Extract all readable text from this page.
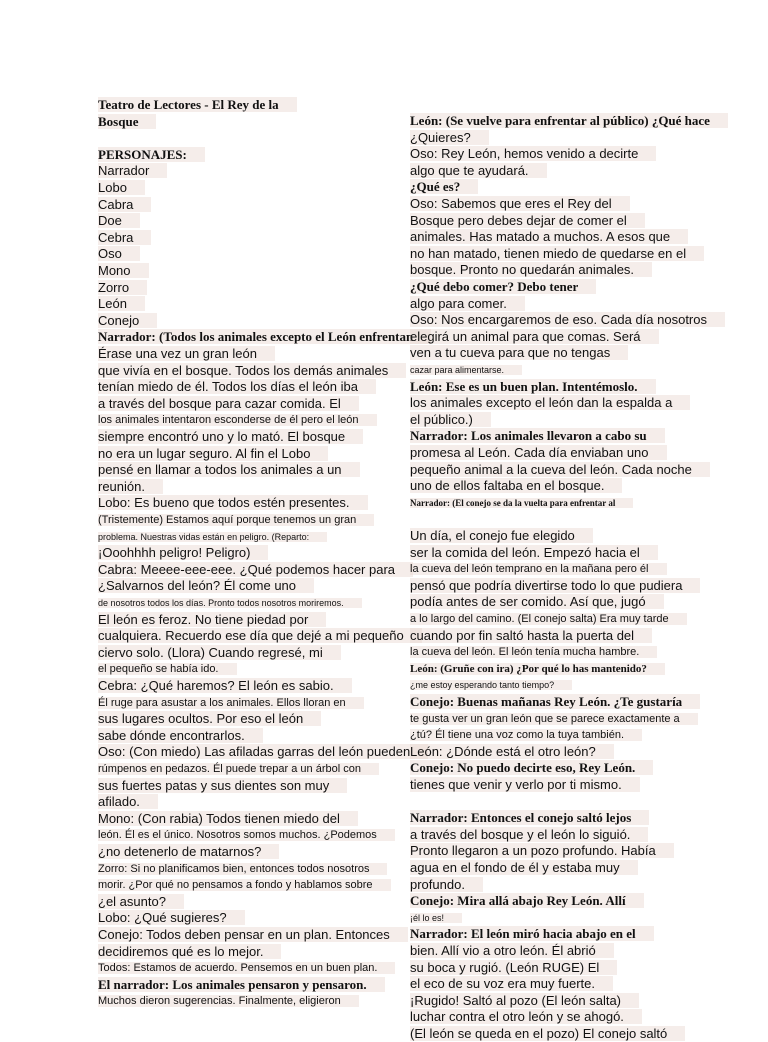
Teatro de Lectores - El Rey de la
Bosque
PERSONAJES:
Narrador
Lobo
Cabra
Doe
Cebra
Oso
Mono
Zorro
León
Conejo
Narrador: (Todos los animales excepto el León enfrentan
Érase una vez un gran león
que vivía en el bosque. Todos los demás animales
tenían miedo de él. Todos los días el león iba
a través del bosque para cazar comida. El
los animales intentaron esconderse de él pero el león
siempre encontró uno y lo mató. El bosque
no era un lugar seguro. Al fin el Lobo
pensé en llamar a todos los animales a un
reunión.
Lobo: Es bueno que todos estén presentes.
(Tristemente) Estamos aquí porque tenemos un gran
problema. Nuestras vidas están en peligro. (Reparto:
¡Ooohhhh peligro! Peligro)
Cabra: Meeee-eee-eee. ¿Qué podemos hacer para
¿Salvarnos del león? Él come uno
de nosotros todos los días. Pronto todos nosotros moriremos.
El león es feroz. No tiene piedad por
cualquiera. Recuerdo ese día que dejé a mi pequeño
ciervo solo. (Llora) Cuando regresé, mi
el pequeño se había ido.
Cebra: ¿Qué haremos? El león es sabio.
Él ruge para asustar a los animales. Ellos lloran en
sus lugares ocultos. Por eso el león
sabe dónde encontrarlos.
Oso: (Con miedo) Las afiladas garras del león pueden
rúmpenos en pedazos. Él puede trepar a un árbol con
sus fuertes patas y sus dientes son muy
afilado.
Mono: (Con rabia) Todos tienen miedo del
león. Él es el único. Nosotros somos muchos. ¿Podemos
¿no detenerlo de matarnos?
Zorro: Si no planificamos bien, entonces todos nosotros
morir. ¿Por qué no pensamos a fondo y hablamos sobre
¿el asunto?
Lobo: ¿Qué sugieres?
Conejo: Todos deben pensar en un plan. Entonces
decidiremos qué es lo mejor.
Todos: Estamos de acuerdo. Pensemos en un buen plan.
El narrador: Los animales pensaron y pensaron.
Muchos dieron sugerencias. Finalmente, eligieron
León: (Se vuelve para enfrentar al público) ¿Qué hace
¿Quieres?
Oso: Rey León, hemos venido a decirte
algo que te ayudará.
¿Qué es?
Oso: Sabemos que eres el Rey del
Bosque pero debes dejar de comer el
animales. Has matado a muchos. A esos que
no han matado, tienen miedo de quedarse en el
bosque. Pronto no quedarán animales.
¿Qué debo comer? Debo tener
algo para comer.
Oso: Nos encargaremos de eso. Cada día nosotros
elegirá un animal para que comas. Será
ven a tu cueva para que no tengas
cazar para alimentarse.
León: Ese es un buen plan. Intentémoslo.
los animales excepto el león dan la espalda a
el público.)
Narrador: Los animales llevaron a cabo su
promesa al León. Cada día enviaban uno
pequeño animal a la cueva del león. Cada noche
uno de ellos faltaba en el bosque.
Narrador: (El conejo se da la vuelta para enfrentar al
Un día, el conejo fue elegido
ser la comida del león. Empezó hacia el
la cueva del león temprano en la mañana pero él
pensó que podría divertirse todo lo que pudiera
podía antes de ser comido. Así que, jugó
a lo largo del camino. (El conejo salta) Era muy tarde
cuando por fin saltó hasta la puerta del
la cueva del león. El león tenía mucha hambre.
León: (Gruñe con ira) ¿Por qué lo has mantenido?
¿me estoy esperando tanto tiempo?
Conejo: Buenas mañanas Rey León. ¿Te gustaría
te gusta ver un gran león que se parece exactamente a
¿tú? Él tiene una voz como la tuya también.
León: ¿Dónde está el otro león?
Conejo: No puedo decirte eso, Rey León.
tienes que venir y verlo por ti mismo.
Narrador: Entonces el conejo saltó lejos
a través del bosque y el león lo siguió.
Pronto llegaron a un pozo profundo. Había
agua en el fondo de él y estaba muy
profundo.
Conejo: Mira allá abajo Rey León. Allí
¡él lo es!
Narrador: El león miró hacia abajo en el
bien. Allí vio a otro león. Él abrió
su boca y rugió. (León RUGE) El
el eco de su voz era muy fuerte.
¡Rugido! Saltó al pozo (El león salta)
luchar contra el otro león y se ahogó.
(El león se queda en el pozo) El conejo saltó
